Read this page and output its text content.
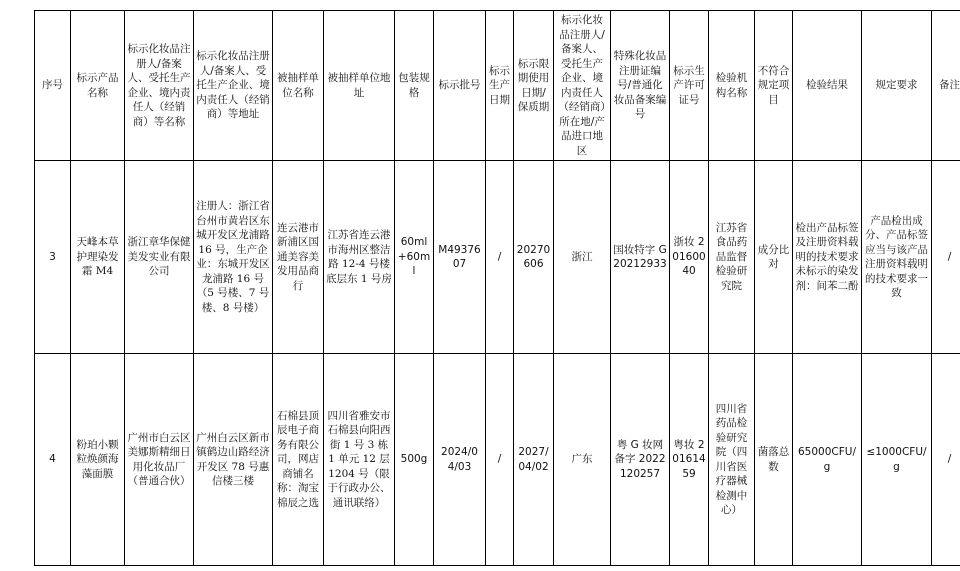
序号	标示产品名称	标示化妆品注册人/备案人、受托生产企业、境内责任人（经销商）等名称	标示化妆品注册人/备案人、受托生产企业、境内责任人（经销商）等地址	被抽样单位名称	被抽样单位地址	包装规格	标示批号	标示生产日期	标示限期使用日期/保质期	标示化妆品注册人/备案人、受托生产企业、境内责任人（经销商）所在地/产品进口地区	特殊化妆品注册证编号/普通化妆品备案编号	标示生产许可证号	检验机构名称	不符合规定项目	检验结果	规定要求	备注
3	天峰本草护理染发霜 M4	浙江章华保健美发实业有限公司	注册人：浙江省台州市黄岩区东城开发区龙浦路 16 号，生产企业：东城开发区龙浦路 16 号（5 号楼、7 号楼、8 号楼）	连云港市新浦区国通美容美发用品商行	江苏省连云港市海州区整洁路 12-4 号楼底层东 1 号房	60ml+60ml	M4937607	/	20270606	浙江	国妆特字 G20212933	浙妆 20160040	江苏省食品药品监督检验研究院	成分比对	检出产品标签及注册资料载明的技术要求未标示的染发剂：间苯二酚	产品检出成分、产品标签应当与该产品注册资料载明的技术要求一致	/
4	粉珀小颗粒焕颜海藻面膜	广州市白云区美娜斯精细日用化妆品厂（普通合伙）	广州白云区新市镇鹤边山路经济开发区 78 号惠信楼三楼	石棉县顶辰电子商务有限公司，网店商铺名称：淘宝棉辰之选	四川省雅安市石棉县向阳西街 1 号 3 栋 1 单元 12 层 1204 号（限于行政办公、通讯联络）	500g	2024/04/03	/	2027/04/02	广东	粤 G 妆网备字 2022120257	粤妆 20161459	四川省药品检验研究院（四川省医疗器械检测中心）	菌落总数	65000CFU/g	≤1000CFU/g	/
